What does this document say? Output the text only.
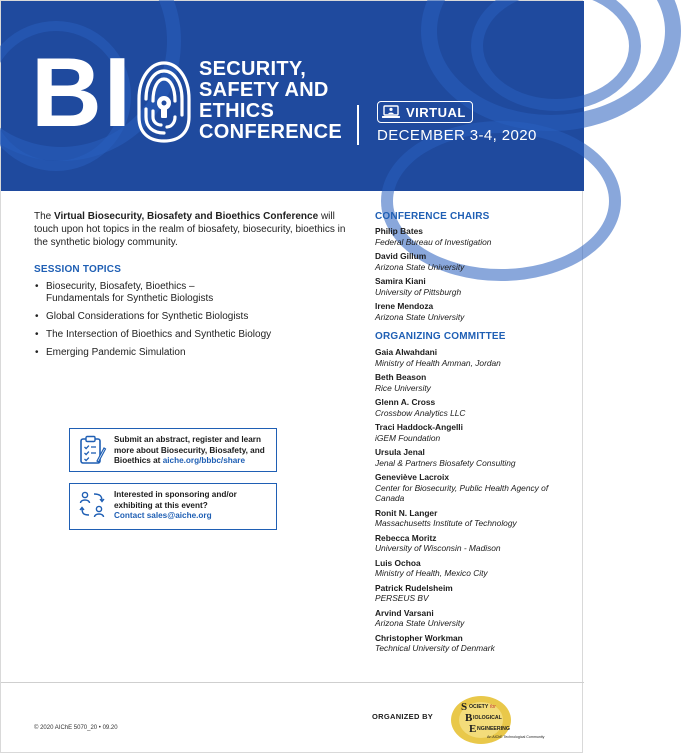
BI	SECURITY,
SAFETY AND
ETHICS
CONFERENCE
VIRTUAL
DECEMBER 3-4, 2020

The Virtual Biosecurity, Biosafety and Bioethics Conference will touch upon hot topics in the realm of biosafety, biosecurity, bioethics in the synthetic biology community.

SESSION TOPICS
• Biosecurity, Biosafety, Bioethics –
Fundamentals for Synthetic Biologists
• Global Considerations for Synthetic Biologists
• The Intersection of Bioethics and Synthetic Biology
• Emerging Pandemic Simulation
Submit an abstract, register and learn more about Biosecurity, Biosafety, and Bioethics at aiche.org/bbbc/share
Interested in sponsoring and/or exhibiting at this event?
Contact sales@aiche.org
CONFERENCE CHAIRS
Philip Bates
Federal Bureau of Investigation
David Gillum
Arizona State University
Samira Kiani
University of Pittsburgh
Irene Mendoza
Arizona State University
ORGANIZING COMMITTEE
Gaia Alwahdani
Ministry of Health Amman, Jordan
Beth Beason
Rice University
Glenn A. Cross
Crossbow Analytics LLC
Traci Haddock-Angelli
iGEM Foundation
Ursula Jenal
Jenal & Partners Biosafety Consulting
Geneviève Lacroix
Center for Biosecurity, Public Health Agency of Canada
Ronit N. Langer
Massachusetts Institute of Technology
Rebecca Moritz
University of Wisconsin - Madison
Luis Ochoa
Ministry of Health, Mexico City
Patrick Rudelsheim
PERSEUS BV
Arvind Varsani
Arizona State University
Christopher Workman
Technical University of Denmark
© 2020 AIChE 5070_20 • 09.20
ORGANIZED BY
S OCIETY for
B IOLOGICAL
E NGINEERING
An AIChE Technological Community
